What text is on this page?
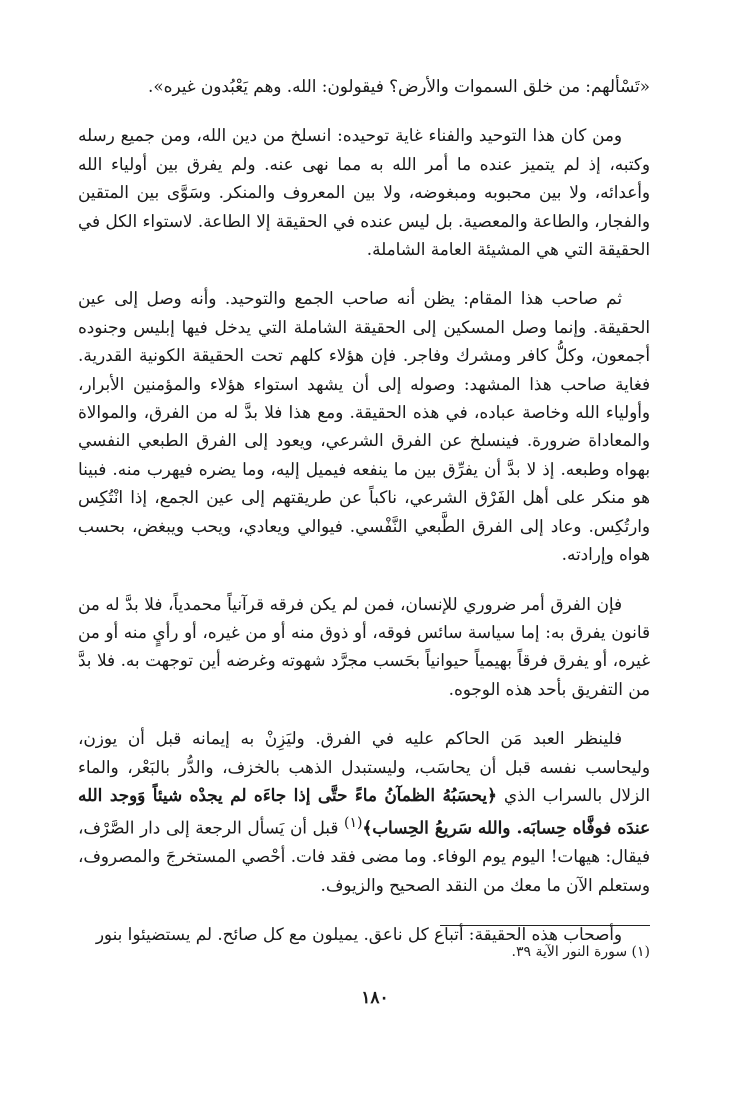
«تَسْألهم: من خلق السموات والأرض؟ فيقولون: الله. وهم يَعْبُدون غيره».

ومن كان هذا التوحيد والفناء غاية توحيده: انسلخ من دين الله، ومن جميع رسله وكتبه، إذ لم يتميز عنده ما أمر الله به مما نهى عنه. ولم يفرق بين أولياء الله وأعدائه، ولا بين محبوبه ومبغوضه، ولا بين المعروف والمنكر. وسَوَّى بين المتقين والفجار، والطاعة والمعصية. بل ليس عنده في الحقيقة إلا الطاعة. لاستواء الكل في الحقيقة التي هي المشيئة العامة الشاملة.

ثم صاحب هذا المقام: يظن أنه صاحب الجمع والتوحيد. وأنه وصل إلى عين الحقيقة. وإنما وصل المسكين إلى الحقيقة الشاملة التي يدخل فيها إبليس وجنوده أجمعون، وكلُّ كافر ومشرك وفاجر. فإن هؤلاء كلهم تحت الحقيقة الكونية القدرية. فغاية صاحب هذا المشهد: وصوله إلى أن يشهد استواء هؤلاء والمؤمنين الأبرار، وأولياء الله وخاصة عباده، في هذه الحقيقة. ومع هذا فلا بدَّ له من الفرق، والموالاة والمعاداة ضرورة. فينسلخ عن الفرق الشرعي، ويعود إلى الفرق الطبعي النفسي بهواه وطبعه. إذ لا بدَّ أن يفرِّق بين ما ينفعه فيميل إليه، وما يضره فيهرب منه. فبينا هو منكر على أهل الفَرْق الشرعي، ناكباً عن طريقتهم إلى عين الجمع، إذا انْتُكِس وارتُكِس. وعاد إلى الفرق الطَّبعي النَّفْسي. فيوالي ويعادي، ويحب ويبغض، بحسب هواه وإرادته.

فإن الفرق أمر ضروري للإنسان، فمن لم يكن فرقه قرآنياً محمدياً، فلا بدَّ له من قانون يفرق به: إما سياسة سائس فوقه، أو ذوق منه أو من غيره، أو رأيٍ منه أو من غيره، أو يفرق فرقاً بهيمياً حيوانياً بحَسب مجرَّد شهوته وغرضه أين توجهت به. فلا بدَّ من التفريق بأحد هذه الوجوه.

فلينظر العبد مَن الحاكم عليه في الفرق. وليَزِنْ به إيمانه قبل أن يوزن، وليحاسب نفسه قبل أن يحاسَب، وليستبدل الذهب بالخزف، والدُّر بالبَعْر، والماء الزلال بالسراب الذي ﴿يحسَبُهُ الظمآنُ ماءً حتَّى إذا جاءَه لم يجدْه شيئاً وَوجد الله عندَه فوفَّاه حِسابَه. والله سَريعُ الحِساب﴾$^{(١)}$ قبل أن يَسأل الرجعة إلى دار الصَّرْف، فيقال: هيهات! اليوم يوم الوفاء. وما مضى فقد فات. أحْصي المستخرجَ والمصروف، وستعلم الآن ما معك من النقد الصحيح والزيوف.

وأصحاب هذه الحقيقة: أتباع كل ناعق. يميلون مع كل صائح. لم يستضيئوا بنور

(١) سورة النور الآية ٣٩.
١٨٠
